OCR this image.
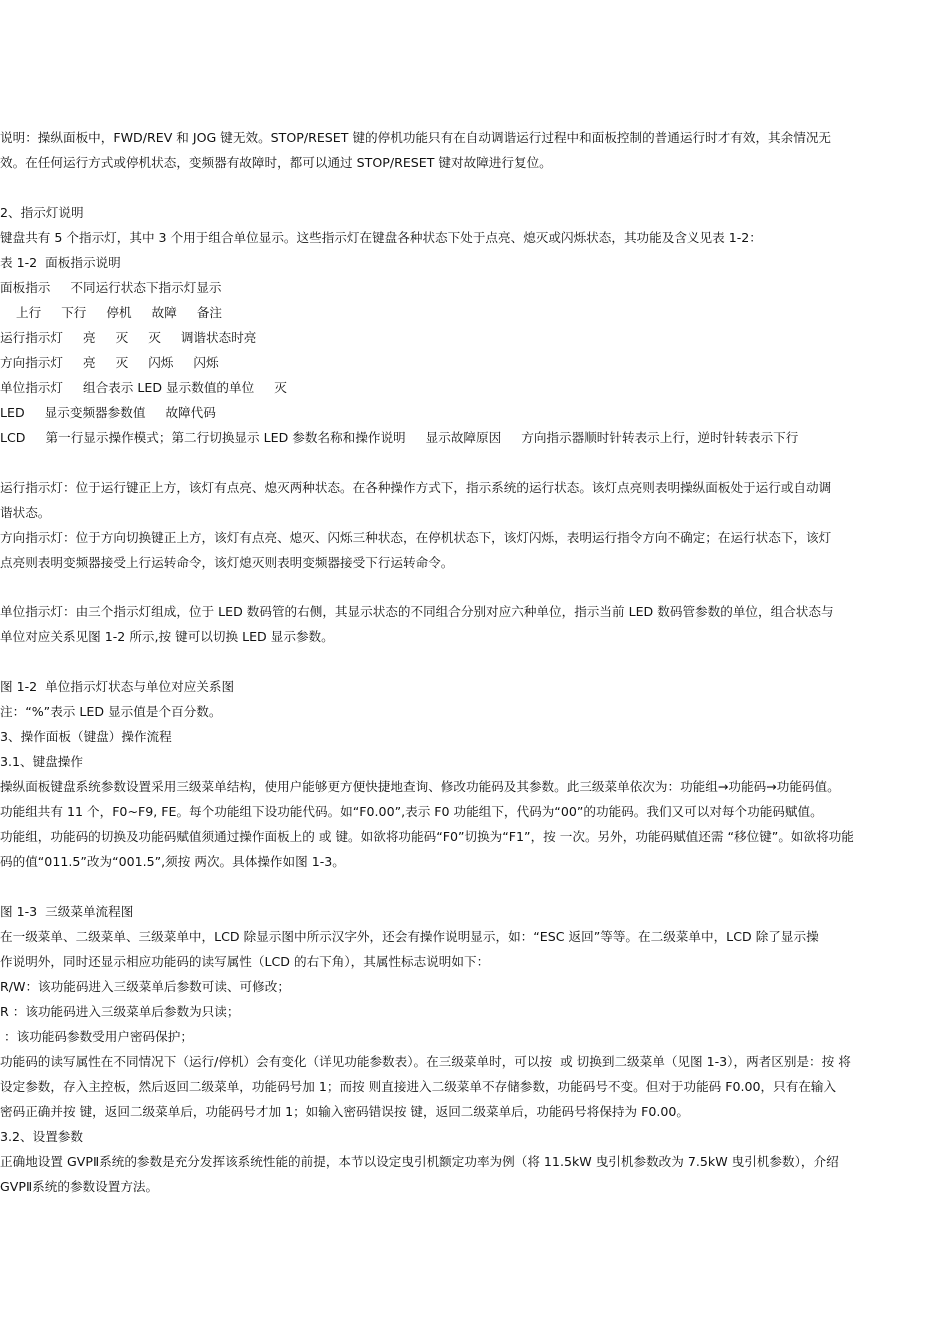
说明：操纵面板中，FWD/REV 和 JOG 键无效。STOP/RESET 键的停机功能只有在自动调谐运行过程中和面板控制的普通运行时才有效，其余情况无
效。在任何运行方式或停机状态，变频器有故障时，都可以通过 STOP/RESET 键对故障进行复位。
2、指示灯说明
键盘共有 5 个指示灯，其中 3 个用于组合单位显示。这些指示灯在键盘各种状态下处于点亮、熄灭或闪烁状态，其功能及含义见表 1-2：
表 1-2  面板指示说明
面板指示     不同运行状态下指示灯显示
上行     下行     停机     故障     备注
运行指示灯     亮     灭     灭     调谐状态时亮
方向指示灯     亮     灭     闪烁     闪烁
单位指示灯     组合表示 LED 显示数值的单位     灭
LED     显示变频器参数值     故障代码
LCD     第一行显示操作模式；第二行切换显示 LED 参数名称和操作说明     显示故障原因     方向指示器顺时针转表示上行，逆时针转表示下行
运行指示灯：位于运行键正上方，该灯有点亮、熄灭两种状态。在各种操作方式下，指示系统的运行状态。该灯点亮则表明操纵面板处于运行或自动调
谐状态。
方向指示灯：位于方向切换键正上方，该灯有点亮、熄灭、闪烁三种状态，在停机状态下，该灯闪烁，表明运行指令方向不确定；在运行状态下，该灯
点亮则表明变频器接受上行运转命令，该灯熄灭则表明变频器接受下行运转命令。
单位指示灯：由三个指示灯组成，位于 LED 数码管的右侧，其显示状态的不同组合分别对应六种单位，指示当前 LED 数码管参数的单位，组合状态与
单位对应关系见图 1-2 所示,按 键可以切换 LED 显示参数。
图 1-2  单位指示灯状态与单位对应关系图
注：“%”表示 LED 显示值是个百分数。
3、操作面板（键盘）操作流程
3.1、键盘操作
操纵面板键盘系统参数设置采用三级菜单结构，使用户能够更方便快捷地查询、修改功能码及其参数。此三级菜单依次为：功能组→功能码→功能码值。
功能组共有 11 个，F0~F9, FE。每个功能组下设功能代码。如“F0.00”,表示 F0 功能组下，代码为“00”的功能码。我们又可以对每个功能码赋值。
功能组，功能码的切换及功能码赋值须通过操作面板上的 或 键。如欲将功能码“F0”切换为“F1”，按 一次。另外，功能码赋值还需 “移位键”。如欲将功能
码的值“011.5”改为“001.5”,须按 两次。具体操作如图 1-3。
图 1-3  三级菜单流程图
在一级菜单、二级菜单、三级菜单中，LCD 除显示图中所示汉字外，还会有操作说明显示，如：“ESC 返回”等等。在二级菜单中，LCD 除了显示操
作说明外，同时还显示相应功能码的读写属性（LCD 的右下角），其属性标志说明如下：
R/W：该功能码进入三级菜单后参数可读、可修改；
R ：该功能码进入三级菜单后参数为只读；
：该功能码参数受用户密码保护；
功能码的读写属性在不同情况下（运行/停机）会有变化（详见功能参数表）。在三级菜单时，可以按  或 切换到二级菜单（见图 1-3），两者区别是：按 将
设定参数，存入主控板，然后返回二级菜单，功能码号加 1；而按 则直接进入二级菜单不存储参数，功能码号不变。但对于功能码 F0.00，只有在输入
密码正确并按 键，返回二级菜单后，功能码号才加 1；如输入密码错误按 键，返回二级菜单后，功能码号将保持为 F0.00。
3.2、设置参数
正确地设置 GVPⅡ系统的参数是充分发挥该系统性能的前提，本节以设定曳引机额定功率为例（将 11.5kW 曳引机参数改为 7.5kW 曳引机参数），介绍
GVPⅡ系统的参数设置方法。
